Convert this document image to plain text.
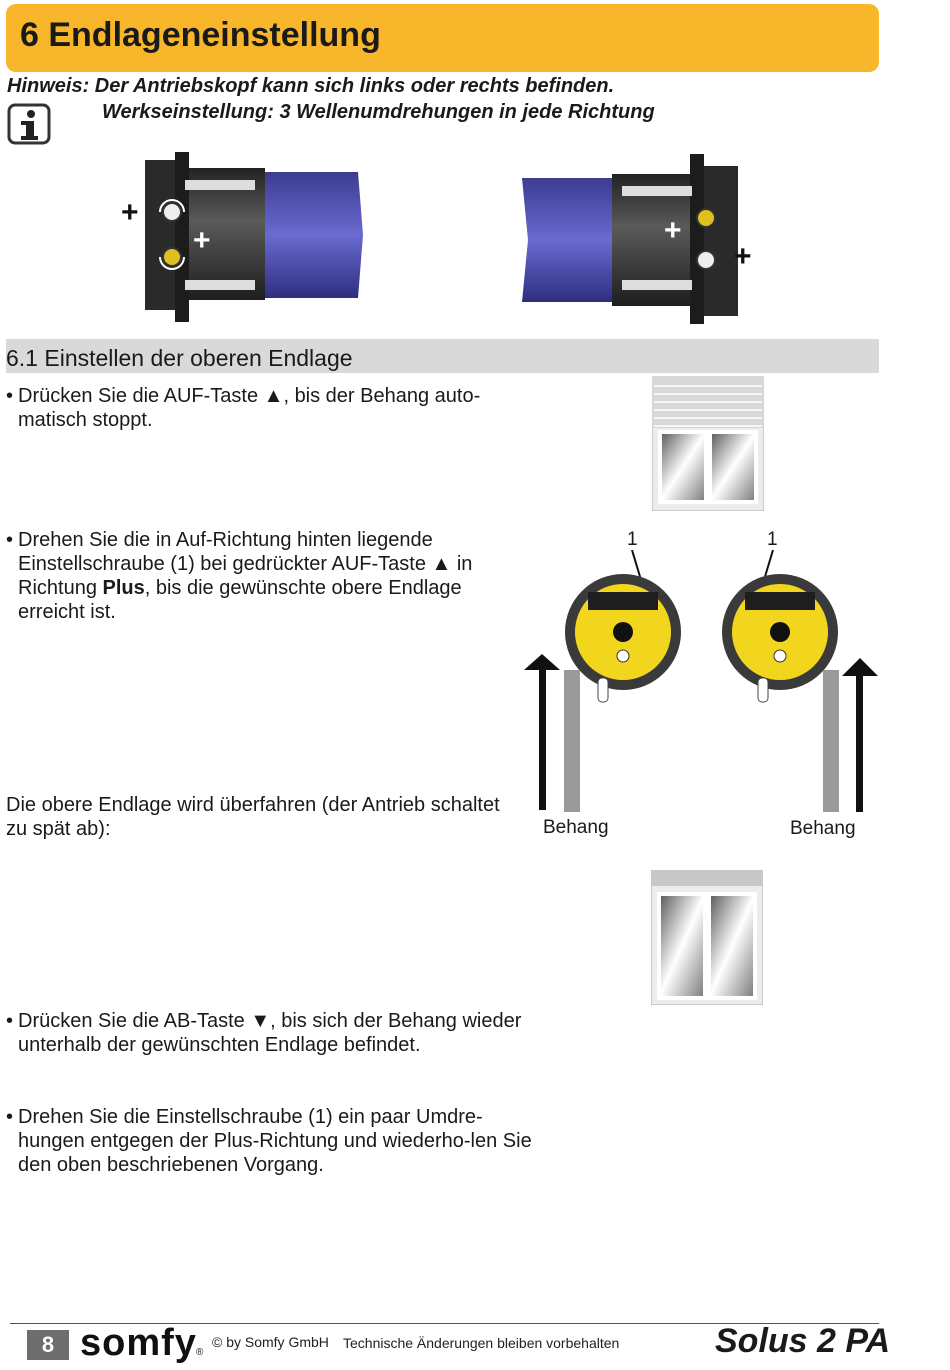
6 Endlageneinstellung
Hinweis: Der Antriebskopf kann sich links oder rechts befinden.
Werkseinstellung: 3 Wellenumdrehungen in jede Richtung
+
+	+
+
6.1 Einstellen der oberen Endlage
• Drücken Sie die AUF-Taste ▲, bis der Behang auto-matisch stoppt.
• Drehen Sie die in Auf-Richtung hinten liegende Einstellschraube (1) bei gedrückter AUF-Taste ▲ in Richtung Plus, bis die gewünschte obere Endlage erreicht ist.
1	1
Behang	Behang
Die obere Endlage wird überfahren (der Antrieb schaltet zu spät ab):
• Drücken Sie die AB-Taste ▼, bis sich der Behang wieder unterhalb der gewünschten Endlage befindet.
• Drehen Sie die Einstellschraube (1) ein paar Umdre-hungen entgegen der Plus-Richtung und wiederho-len Sie den oben beschriebenen Vorgang.
8 somfy ®
© by Somfy GmbH Technische Änderungen bleiben vorbehalten	Solus 2 PA
